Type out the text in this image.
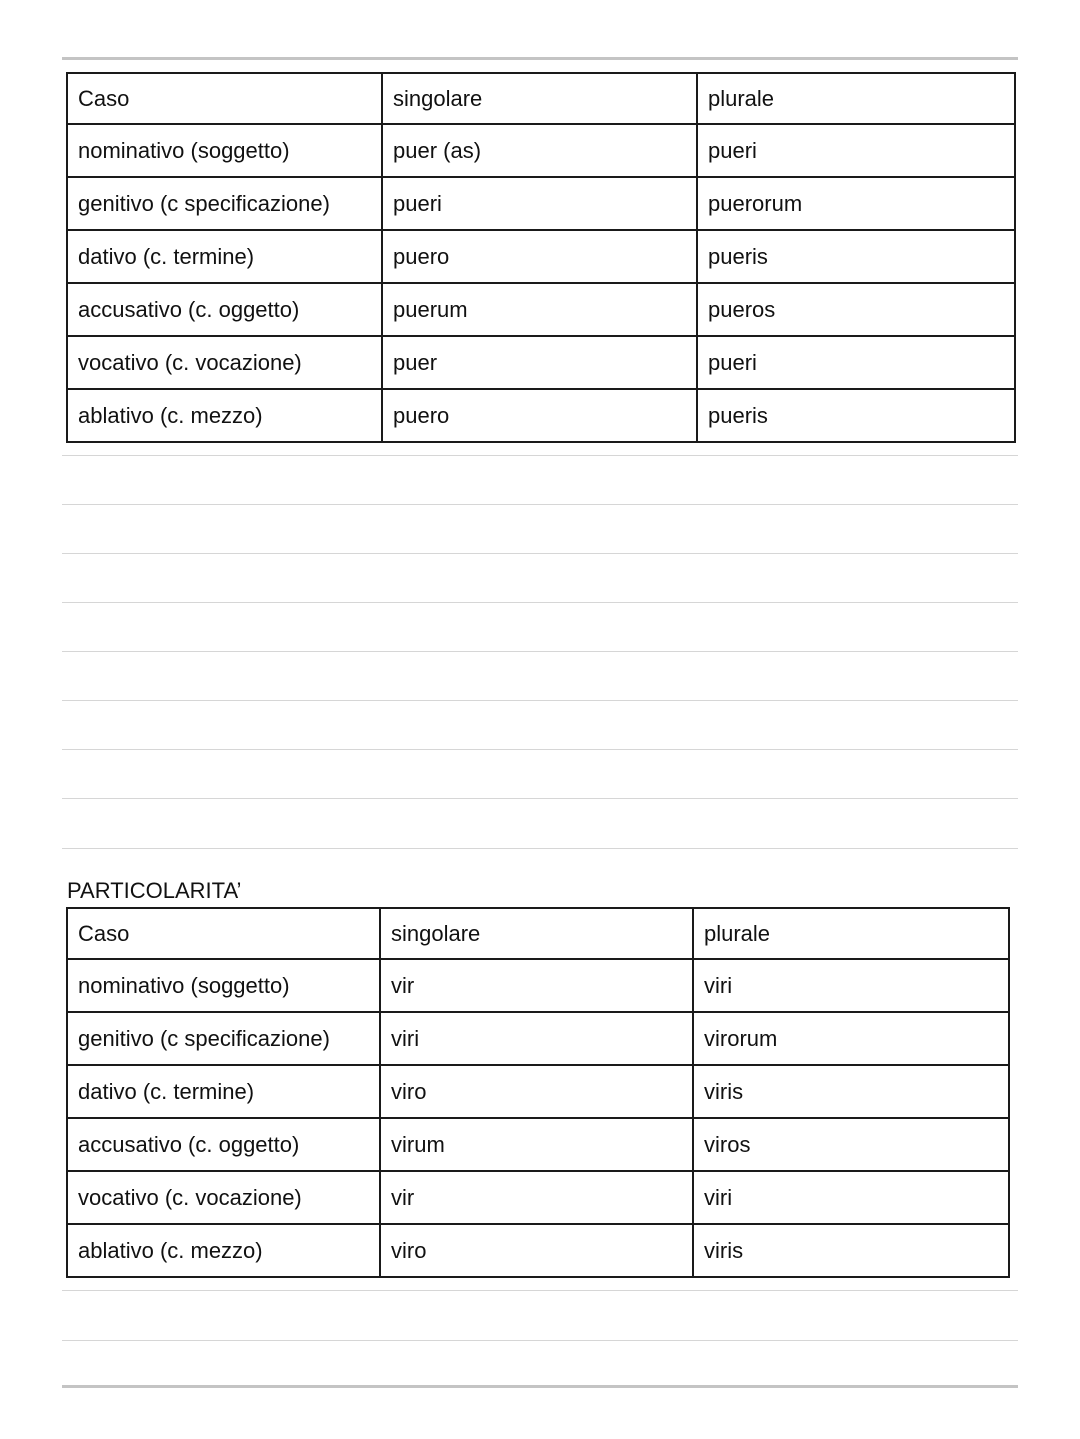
Caso	singolare	plurale
nominativo (soggetto)	puer (as)	pueri
genitivo (c specificazione)	pueri	puerorum
dativo (c. termine)	puero	pueris
accusativo (c. oggetto)	puerum	pueros
vocativo (c. vocazione)	puer	pueri
ablativo (c. mezzo)	puero	pueris
PARTICOLARITA’
Caso	singolare	plurale
nominativo (soggetto)	vir	viri
genitivo (c specificazione)	viri	virorum
dativo (c. termine)	viro	viris
accusativo (c. oggetto)	virum	viros
vocativo (c. vocazione)	vir	viri
ablativo (c. mezzo)	viro	viris
